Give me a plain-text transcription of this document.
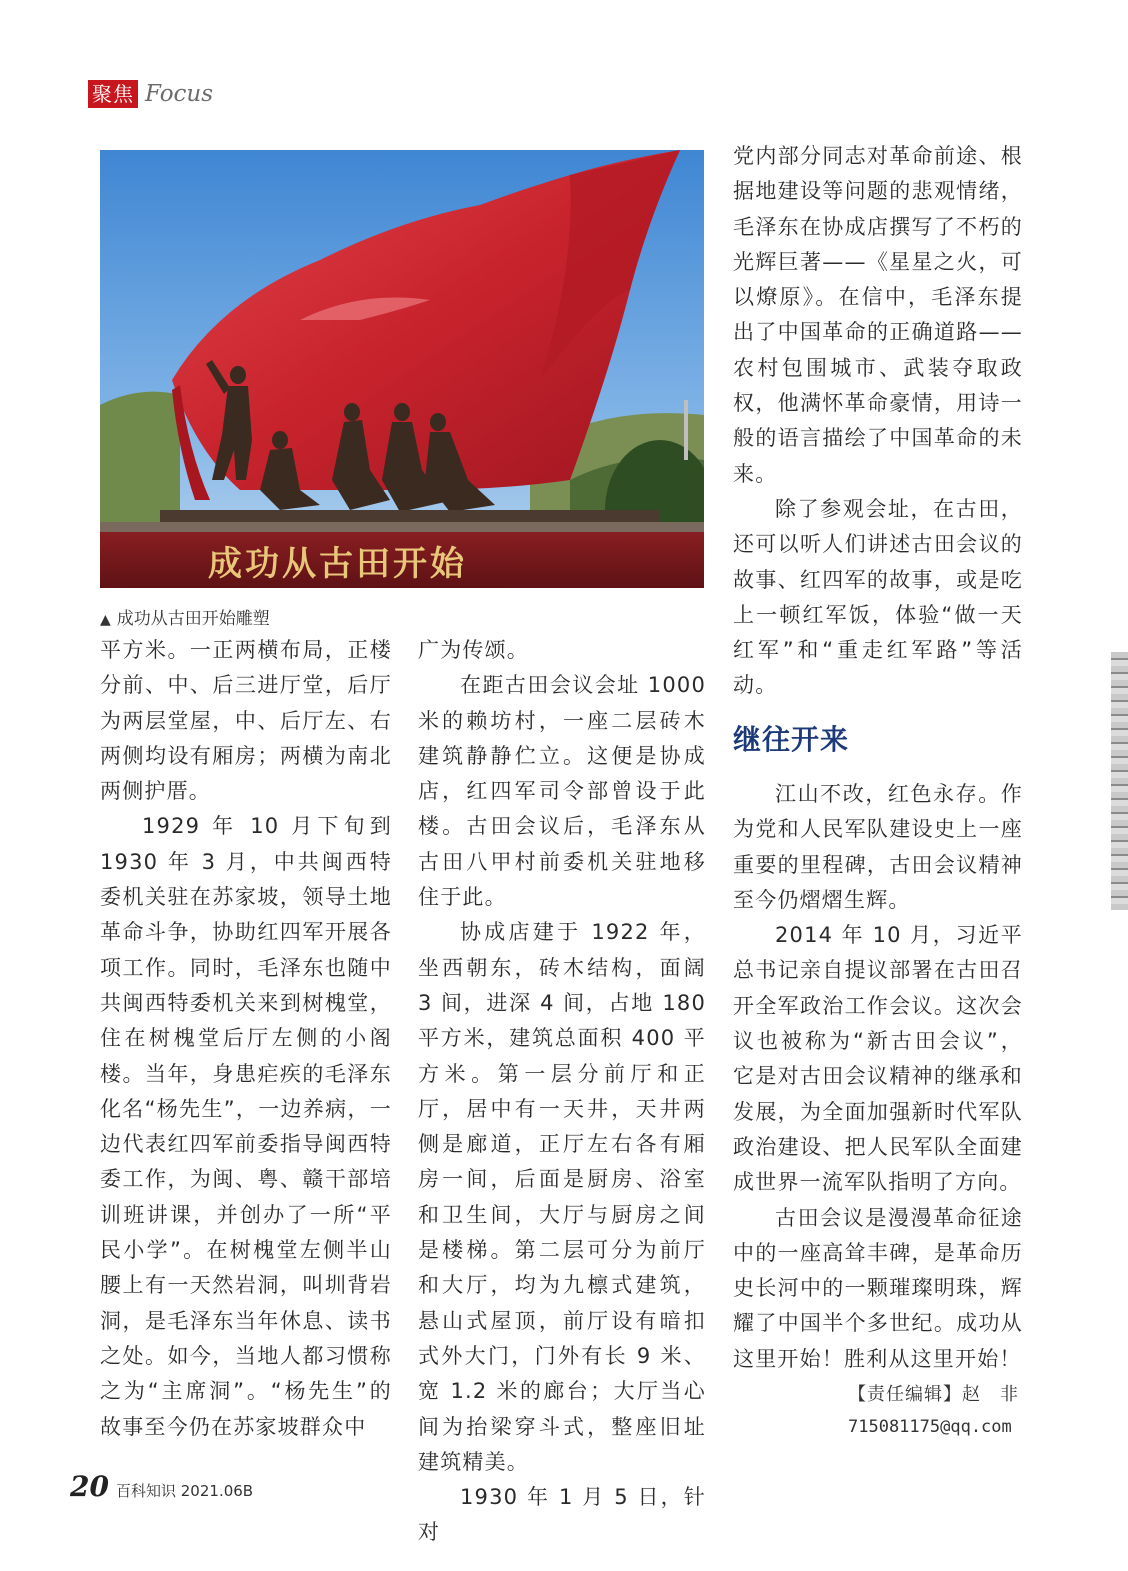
聚焦 Focus
成功从古田开始
▲ 成功从古田开始雕塑

平方米。一正两横布局，正楼分前、中、后三进厅堂，后厅为两层堂屋，中、后厅左、右两侧均设有厢房；两横为南北两侧护厝。

1929 年 10 月下旬到 1930 年 3 月，中共闽西特委机关驻在苏家坡，领导土地革命斗争，协助红四军开展各项工作。同时，毛泽东也随中共闽西特委机关来到树槐堂，住在树槐堂后厅左侧的小阁楼。当年，身患疟疾的毛泽东化名“杨先生”，一边养病，一边代表红四军前委指导闽西特委工作，为闽、粤、赣干部培训班讲课，并创办了一所“平民小学”。在树槐堂左侧半山腰上有一天然岩洞，叫圳背岩洞，是毛泽东当年休息、读书之处。如今，当地人都习惯称之为“主席洞”。“杨先生”的故事至今仍在苏家坡群众中

广为传颂。

在距古田会议会址 1000 米的赖坊村，一座二层砖木建筑静静伫立。这便是协成店，红四军司令部曾设于此楼。古田会议后，毛泽东从古田八甲村前委机关驻地移住于此。

协成店建于 1922 年，坐西朝东，砖木结构，面阔 3 间，进深 4 间，占地 180 平方米，建筑总面积 400 平方米。第一层分前厅和正厅，居中有一天井，天井两侧是廊道，正厅左右各有厢房一间，后面是厨房、浴室和卫生间，大厅与厨房之间是楼梯。第二层可分为前厅和大厅，均为九檩式建筑，悬山式屋顶，前厅设有暗扣式外大门，门外有长 9 米、宽 1.2 米的廊台；大厅当心间为抬梁穿斗式，整座旧址建筑精美。

1930 年 1 月 5 日，针对

党内部分同志对革命前途、根据地建设等问题的悲观情绪，毛泽东在协成店撰写了不朽的光辉巨著——《星星之火，可以燎原》。在信中，毛泽东提出了中国革命的正确道路——农村包围城市、武装夺取政权，他满怀革命豪情，用诗一般的语言描绘了中国革命的未来。

除了参观会址，在古田，还可以听人们讲述古田会议的故事、红四军的故事，或是吃上一顿红军饭，体验“做一天红军”和“重走红军路”等活动。

继往开来

江山不改，红色永存。作为党和人民军队建设史上一座重要的里程碑，古田会议精神至今仍熠熠生辉。

2014 年 10 月，习近平总书记亲自提议部署在古田召开全军政治工作会议。这次会议也被称为“新古田会议”，它是对古田会议精神的继承和发展，为全面加强新时代军队政治建设、把人民军队全面建成世界一流军队指明了方向。

古田会议是漫漫革命征途中的一座高耸丰碑，是革命历史长河中的一颗璀璨明珠，辉耀了中国半个多世纪。成功从这里开始！胜利从这里开始！

【责任编辑】赵　非
715081175@qq.com
20 百科知识 2021.06B
